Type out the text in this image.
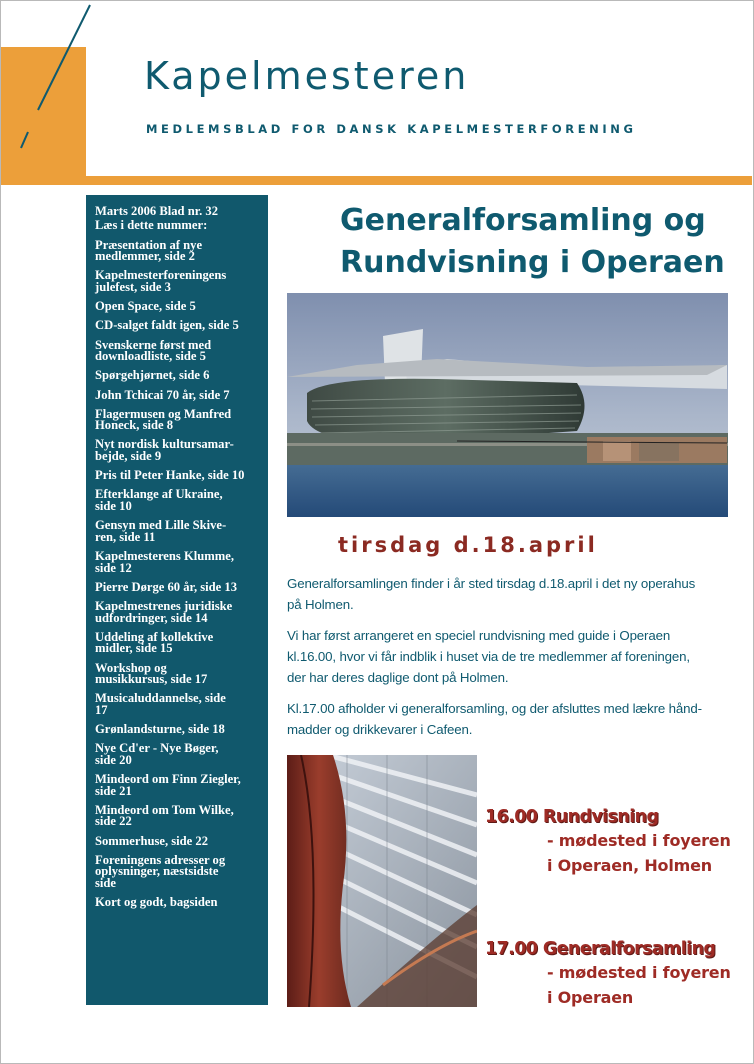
Kapelmesteren
MEDLEMSBLAD FOR DANSK KAPELMESTERFORENING
Marts 2006 Blad nr. 32
Læs i dette nummer:
Præsentation af nye
medlemmer, side 2
Kapelmesterforeningens
julefest, side 3
Open Space, side 5
CD-salget faldt igen, side 5
Svenskerne først med
downloadliste, side 5
Spørgehjørnet, side 6
John Tchicai 70 år, side 7
Flagermusen og Manfred
Honeck, side 8
Nyt nordisk kultursamar-
bejde, side 9
Pris til Peter Hanke, side 10
Efterklange af Ukraine,
side 10
Gensyn med Lille Skive-
ren, side 11
Kapelmesterens Klumme,
side 12
Pierre Dørge 60 år, side 13
Kapelmestrenes juridiske
udfordringer, side 14
Uddeling af kollektive
midler, side 15
Workshop og
musikkursus, side 17
Musicaluddannelse, side
17
Grønlandsturne, side 18
Nye Cd'er - Nye Bøger,
side 20
Mindeord om Finn Ziegler,
side 21
Mindeord om Tom Wilke,
side 22
Sommerhuse, side 22
Foreningens adresser og
oplysninger, næstsidste
side
Kort og godt, bagsiden
Generalforsamling og
Rundvisning i Operaen
tirsdag d.18.april

Generalforsamlingen finder i år sted tirsdag d.18.april i det ny operahus
på Holmen.

Vi har først arrangeret en speciel rundvisning med guide i Operaen
kl.16.00, hvor vi får indblik i huset via de tre medlemmer af foreningen,
der har deres daglige dont på Holmen.

Kl.17.00 afholder vi generalforsamling, og der afsluttes med lækre hånd-
madder og drikkevarer i Cafeen.

16.00 Rundvisning
- mødested i foyeren
i Operaen, Holmen
17.00 Generalforsamling
- mødested i foyeren
i Operaen
